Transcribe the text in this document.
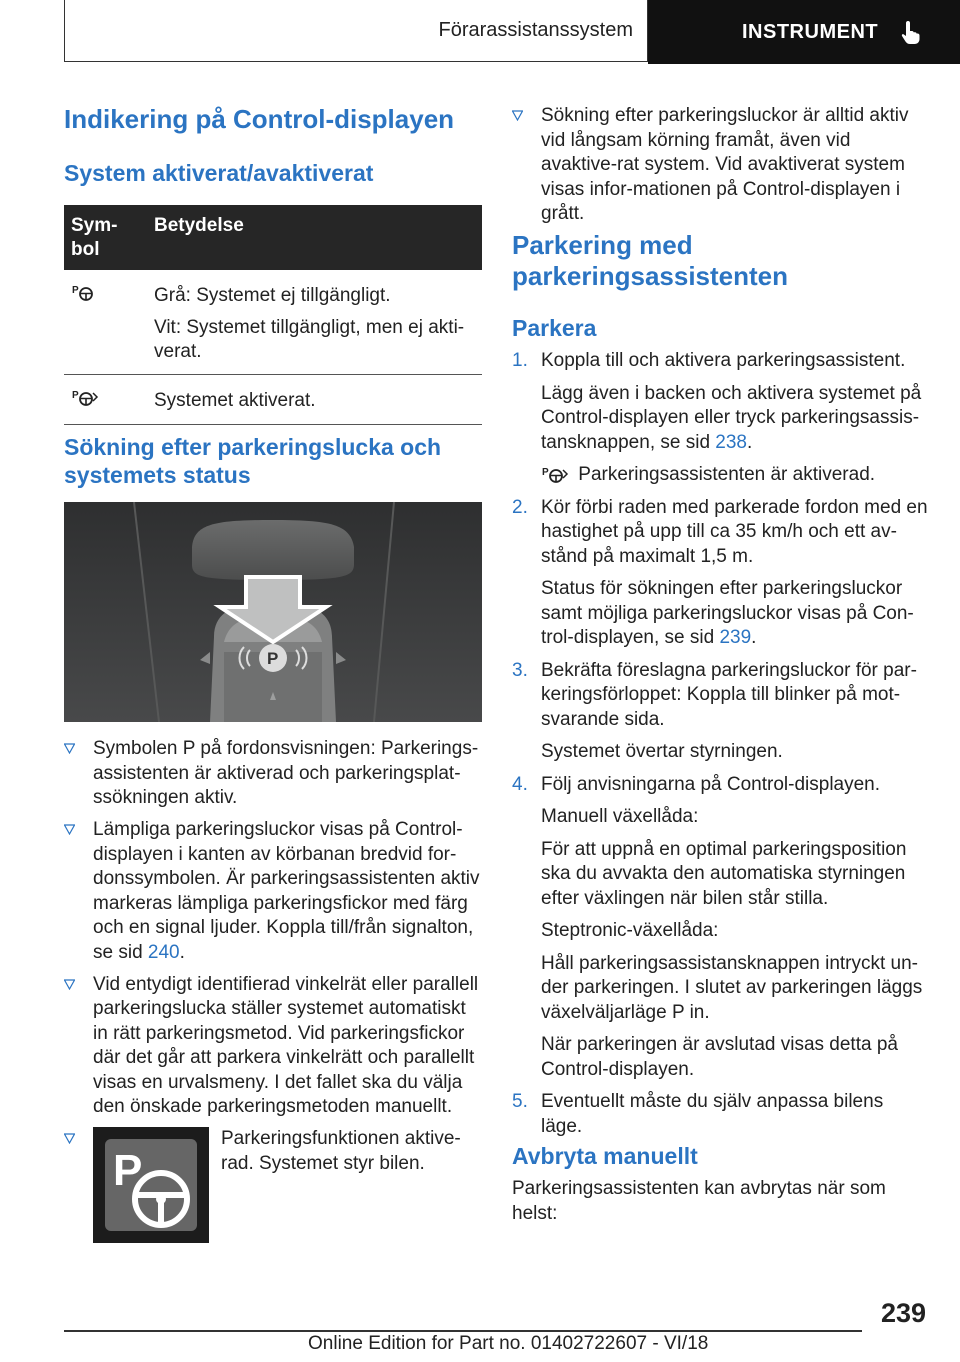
Förarassistanssystem	INSTRUMENT
Indikering på Control-displayen
System aktiverat/avaktiverat
Sym-
bol	Betydelse

P	Grå: Systemet ej tillgängligt.

Vit: Systemet tillgängligt, men ej akti-
verat.

P	Systemet aktiverat.

Sökning efter parkeringslucka och systemets status
P
Symbolen P på fordonsvisningen: Parkerings-assistenten är aktiverad och parkeringsplat-ssökningen aktiv.
Lämpliga parkeringsluckor visas på Control-displayen i kanten av körbanan bredvid for-donssymbolen. Är parkeringsassistenten aktiv markeras lämpliga parkeringsfickor med färg och en signal ljuder. Koppla till/från signalton, se sid 240.
Vid entydigt identifierad vinkelrät eller parallell parkeringslucka ställer systemet automatiskt in rätt parkeringsmetod. Vid parkeringsfickor där det går att parkera vinkelrätt och parallellt visas en urvalsmeny. I det fallet ska du välja den önskade parkeringsmetoden manuellt.
P
Parkeringsfunktionen aktive-rad. Systemet styr bilen.
Sökning efter parkeringsluckor är alltid aktiv vid långsam körning framåt, även vid avaktive-rat system. Vid avaktiverat system visas infor-mationen på Control-displayen i grått.
Parkering med parkeringsassistenten
Parkera
1. Koppla till och aktivera parkeringsassistent.

Lägg även i backen och aktivera systemet på Control-displayen eller tryck parkeringsassis-tansknappen, se sid 238.

P Parkeringsassistenten är aktiverad.

2. Kör förbi raden med parkerade fordon med en hastighet på upp till ca 35 km/h och ett av-stånd på maximalt 1,5 m.

Status för sökningen efter parkeringsluckor samt möjliga parkeringsluckor visas på Con-trol-displayen, se sid 239.

3. Bekräfta föreslagna parkeringsluckor för par-keringsförloppet: Koppla till blinker på mot-svarande sida.

Systemet övertar styrningen.

4. Följ anvisningarna på Control-displayen.

Manuell växellåda:

För att uppnå en optimal parkeringsposition ska du avvakta den automatiska styrningen efter växlingen när bilen står stilla.

Steptronic-växellåda:

Håll parkeringsassistansknappen intryckt un-der parkeringen. I slutet av parkeringen läggs växelväljarläge P in.

När parkeringen är avslutad visas detta på Control-displayen.

5. Eventuellt måste du själv anpassa bilens läge.

Avbryta manuellt

Parkeringsassistenten kan avbrytas när som helst:

239
Online Edition for Part no. 01402722607 - VI/18
